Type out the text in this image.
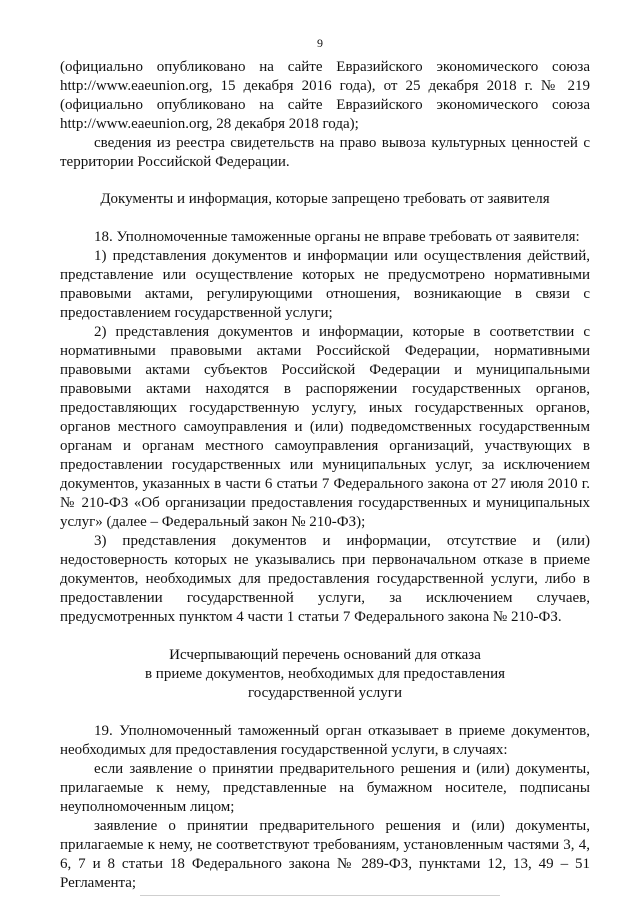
9

(официально опубликовано на сайте Евразийского экономического союза http://www.eaeunion.org, 15 декабря 2016 года), от 25 декабря 2018 г. № 219 (официально опубликовано на сайте Евразийского экономического союза http://www.eaeunion.org, 28 декабря 2018 года);

сведения из реестра свидетельств на право вывоза культурных ценностей с территории Российской Федерации.

Документы и информация, которые запрещено требовать от заявителя

18. Уполномоченные таможенные органы не вправе требовать от заявителя:

1) представления документов и информации или осуществления действий, представление или осуществление которых не предусмотрено нормативными правовыми актами, регулирующими отношения, возникающие в связи с предоставлением государственной услуги;

2) представления документов и информации, которые в соответствии с нормативными правовыми актами Российской Федерации, нормативными правовыми актами субъектов Российской Федерации и муниципальными правовыми актами находятся в распоряжении государственных органов, предоставляющих государственную услугу, иных государственных органов, органов местного самоуправления и (или) подведомственных государственным органам и органам местного самоуправления организаций, участвующих в предоставлении государственных или муниципальных услуг, за исключением документов, указанных в части 6 статьи 7 Федерального закона от 27 июля 2010 г. № 210-ФЗ «Об организации предоставления государственных и муниципальных услуг» (далее – Федеральный закон № 210-ФЗ);

3) представления документов и информации, отсутствие и (или) недостоверность которых не указывались при первоначальном отказе в приеме документов, необходимых для предоставления государственной услуги, либо в предоставлении государственной услуги, за исключением случаев, предусмотренных пунктом 4 части 1 статьи 7 Федерального закона № 210-ФЗ.

Исчерпывающий перечень оснований для отказа
в приеме документов, необходимых для предоставления
государственной услуги

19. Уполномоченный таможенный орган отказывает в приеме документов, необходимых для предоставления государственной услуги, в случаях:

если заявление о принятии предварительного решения и (или) документы, прилагаемые к нему, представленные на бумажном носителе, подписаны неуполномоченным лицом;

заявление о принятии предварительного решения и (или) документы, прилагаемые к нему, не соответствуют требованиям, установленным частями 3, 4, 6, 7 и 8 статьи 18 Федерального закона № 289-ФЗ, пунктами 12, 13, 49 – 51 Регламента;
